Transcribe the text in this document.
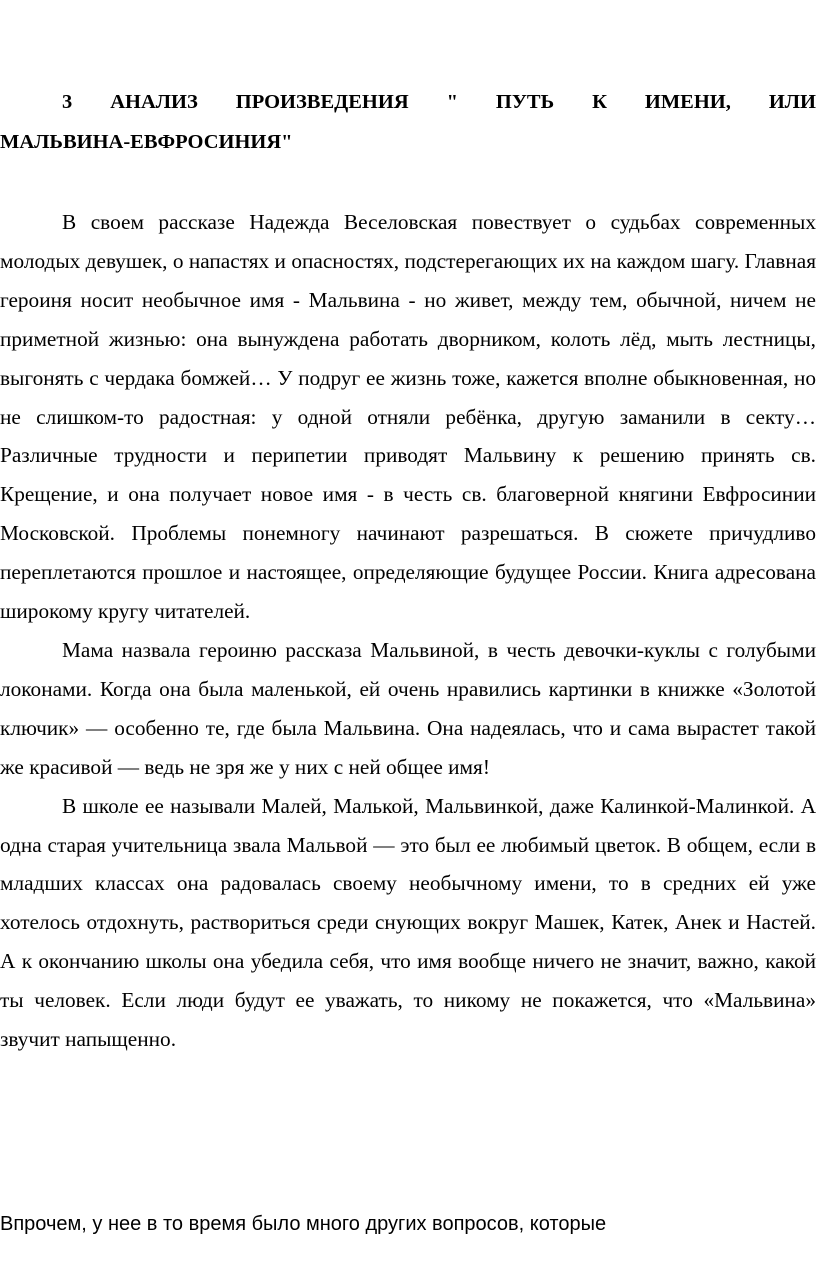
3 АНАЛИЗ ПРОИЗВЕДЕНИЯ " ПУТЬ К ИМЕНИ, ИЛИ
МАЛЬВИНА-ЕВФРОСИНИЯ"

В своем рассказе Надежда Веселовская повествует о судьбах современных молодых девушек, о напастях и опасностях, подстерегающих их на каждом шагу. Главная героиня носит необычное имя - Мальвина - но живет, между тем, обычной, ничем не приметной жизнью: она вынуждена работать дворником, колоть лёд, мыть лестницы, выгонять с чердака бомжей… У подруг ее жизнь тоже, кажется вполне обыкновенная, но не слишком-то радостная: у одной отняли ребёнка, другую заманили в секту… Различные трудности и перипетии приводят Мальвину к решению принять св. Крещение, и она получает новое имя - в честь св. благоверной княгини Евфросинии Московской. Проблемы понемногу начинают разрешаться. В сюжете причудливо переплетаются прошлое и настоящее, определяющие будущее России. Книга адресована широкому кругу читателей.

Мама назвала героиню рассказа Мальвиной, в честь девочки-куклы с голубыми локонами. Когда она была маленькой, ей очень нравились картинки в книжке «Золотой ключик» — особенно те, где была Мальвина. Она надеялась, что и сама вырастет такой же красивой — ведь не зря же у них с ней общее имя!

В школе ее называли Малей, Малькой, Мальвинкой, даже Калинкой-Малинкой. А одна старая учительница звала Мальвой — это был ее любимый цветок. В общем, если в младших классах она радовалась своему необычному имени, то в средних ей уже хотелось отдохнуть, раствориться среди снующих вокруг Машек, Катек, Анек и Настей. А к окончанию школы она убедила себя, что имя вообще ничего не значит, важно, какой ты человек. Если люди будут ее уважать, то никому не покажется, что «Мальвина» звучит напыщенно.

Впрочем, у нее в то время было много других вопросов, которые
